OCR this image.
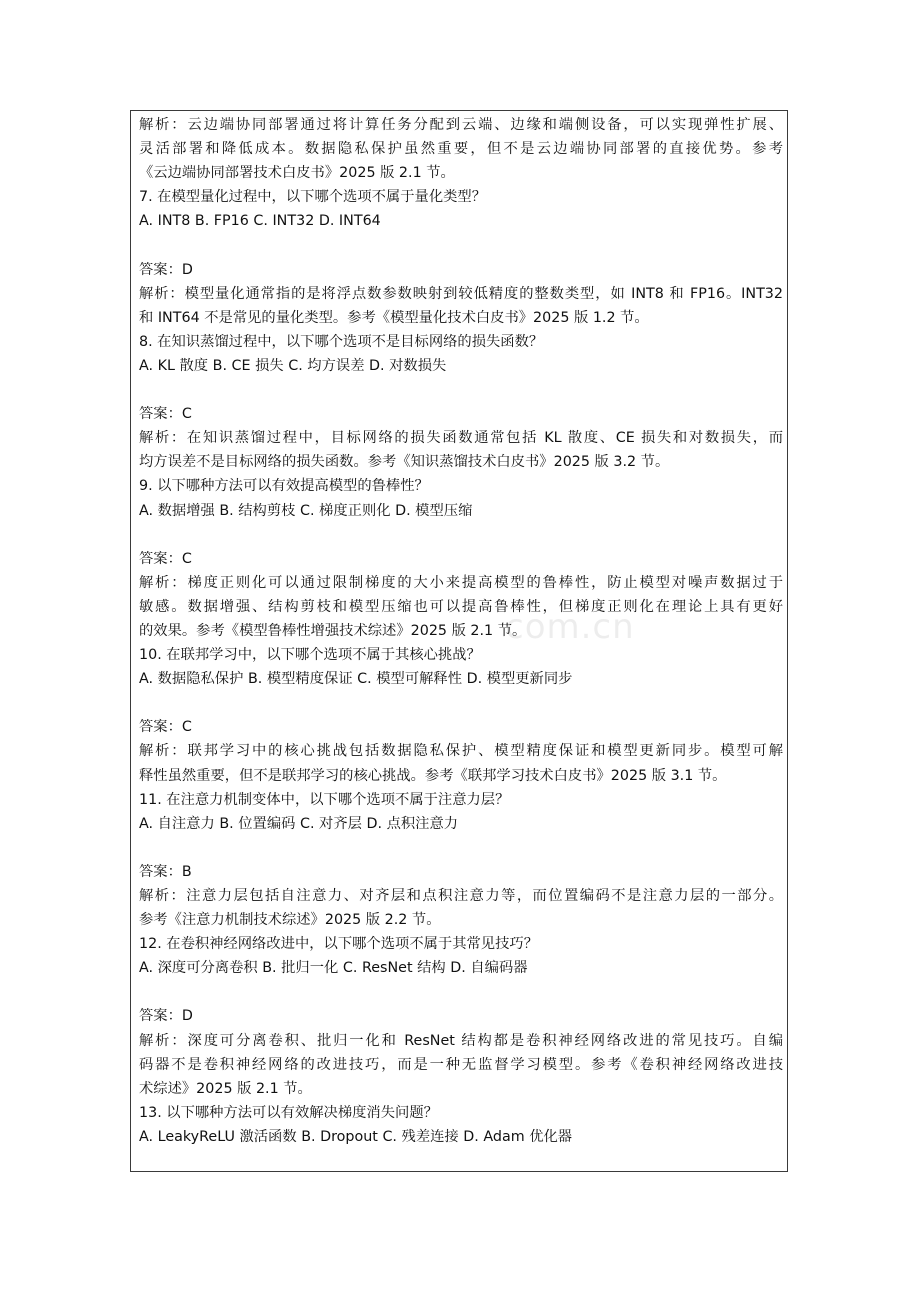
解析：云边端协同部署通过将计算任务分配到云端、边缘和端侧设备，可以实现弹性扩展、
灵活部署和降低成本。数据隐私保护虽然重要，但不是云边端协同部署的直接优势。参考
《云边端协同部署技术白皮书》2025 版 2.1 节。
7. 在模型量化过程中，以下哪个选项不属于量化类型？
A. INT8 B. FP16 C. INT32 D. INT64
答案：D
解析：模型量化通常指的是将浮点数参数映射到较低精度的整数类型，如 INT8 和 FP16。INT32
和 INT64 不是常见的量化类型。参考《模型量化技术白皮书》2025 版 1.2 节。
8. 在知识蒸馏过程中，以下哪个选项不是目标网络的损失函数？
A. KL 散度 B. CE 损失 C. 均方误差 D. 对数损失
答案：C
解析：在知识蒸馏过程中，目标网络的损失函数通常包括 KL 散度、CE 损失和对数损失，而
均方误差不是目标网络的损失函数。参考《知识蒸馏技术白皮书》2025 版 3.2 节。
9. 以下哪种方法可以有效提高模型的鲁棒性？
A. 数据增强 B. 结构剪枝 C. 梯度正则化 D. 模型压缩
答案：C
解析：梯度正则化可以通过限制梯度的大小来提高模型的鲁棒性，防止模型对噪声数据过于
敏感。数据增强、结构剪枝和模型压缩也可以提高鲁棒性，但梯度正则化在理论上具有更好
的效果。参考《模型鲁棒性增强技术综述》2025 版 2.1 节。
10. 在联邦学习中，以下哪个选项不属于其核心挑战？
A. 数据隐私保护 B. 模型精度保证 C. 模型可解释性 D. 模型更新同步
答案：C
解析：联邦学习中的核心挑战包括数据隐私保护、模型精度保证和模型更新同步。模型可解
释性虽然重要，但不是联邦学习的核心挑战。参考《联邦学习技术白皮书》2025 版 3.1 节。
11. 在注意力机制变体中，以下哪个选项不属于注意力层？
A. 自注意力 B. 位置编码 C. 对齐层 D. 点积注意力
答案：B
解析：注意力层包括自注意力、对齐层和点积注意力等，而位置编码不是注意力层的一部分。
参考《注意力机制技术综述》2025 版 2.2 节。
12. 在卷积神经网络改进中，以下哪个选项不属于其常见技巧？
A. 深度可分离卷积 B. 批归一化 C. ResNet 结构 D. 自编码器
答案：D
解析：深度可分离卷积、批归一化和 ResNet 结构都是卷积神经网络改进的常见技巧。自编
码器不是卷积神经网络的改进技巧，而是一种无监督学习模型。参考《卷积神经网络改进技
术综述》2025 版 2.1 节。
13. 以下哪种方法可以有效解决梯度消失问题？
A. LeakyReLU 激活函数 B. Dropout C. 残差连接 D. Adam 优化器
com.cn
